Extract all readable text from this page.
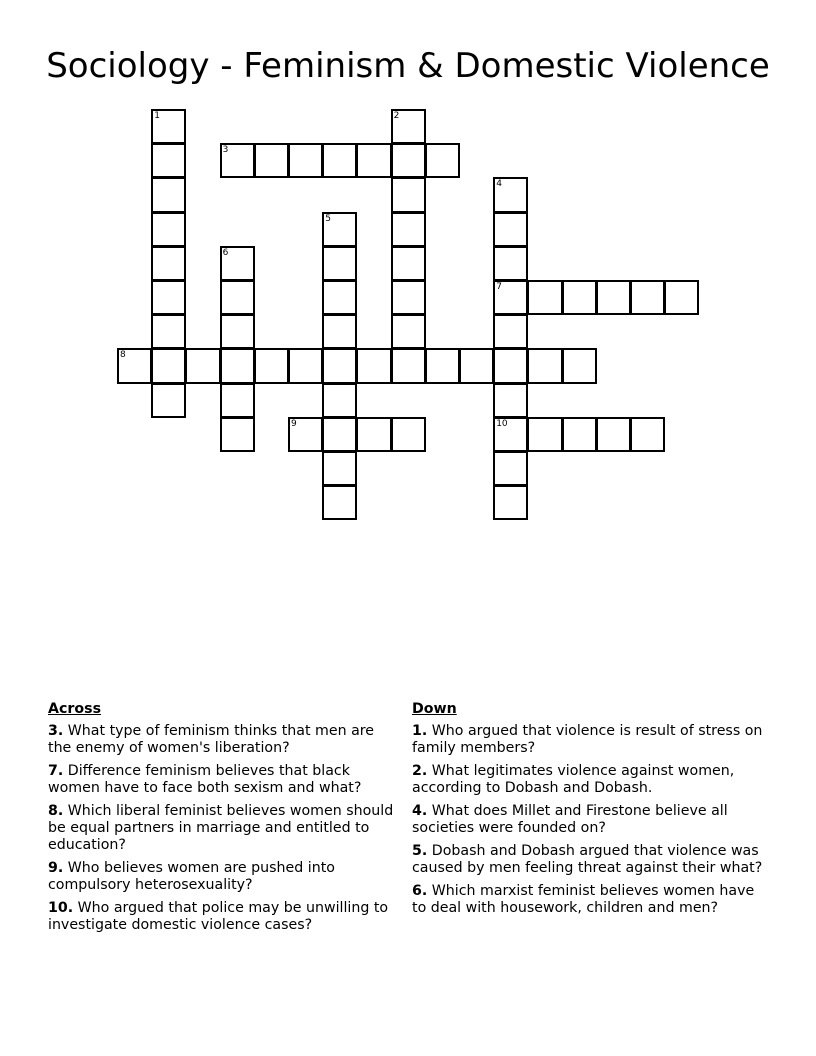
Sociology - Feminism & Domestic Violence
1	2
3
4
7
10
5
6
8
9
Across
3. What type of feminism thinks that men are the enemy of women's liberation?
7. Difference feminism believes that black women have to face both sexism and what?
8. Which liberal feminist believes women should be equal partners in marriage and entitled to education?
9. Who believes women are pushed into compulsory heterosexuality?
10. Who argued that police may be unwilling to investigate domestic violence cases?
Down
1. Who argued that violence is result of stress on family members?
2. What legitimates violence against women, according to Dobash and Dobash.
4. What does Millet and Firestone believe all societies were founded on?
5. Dobash and Dobash argued that violence was caused by men feeling threat against their what?
6. Which marxist feminist believes women have to deal with housework, children and men?
